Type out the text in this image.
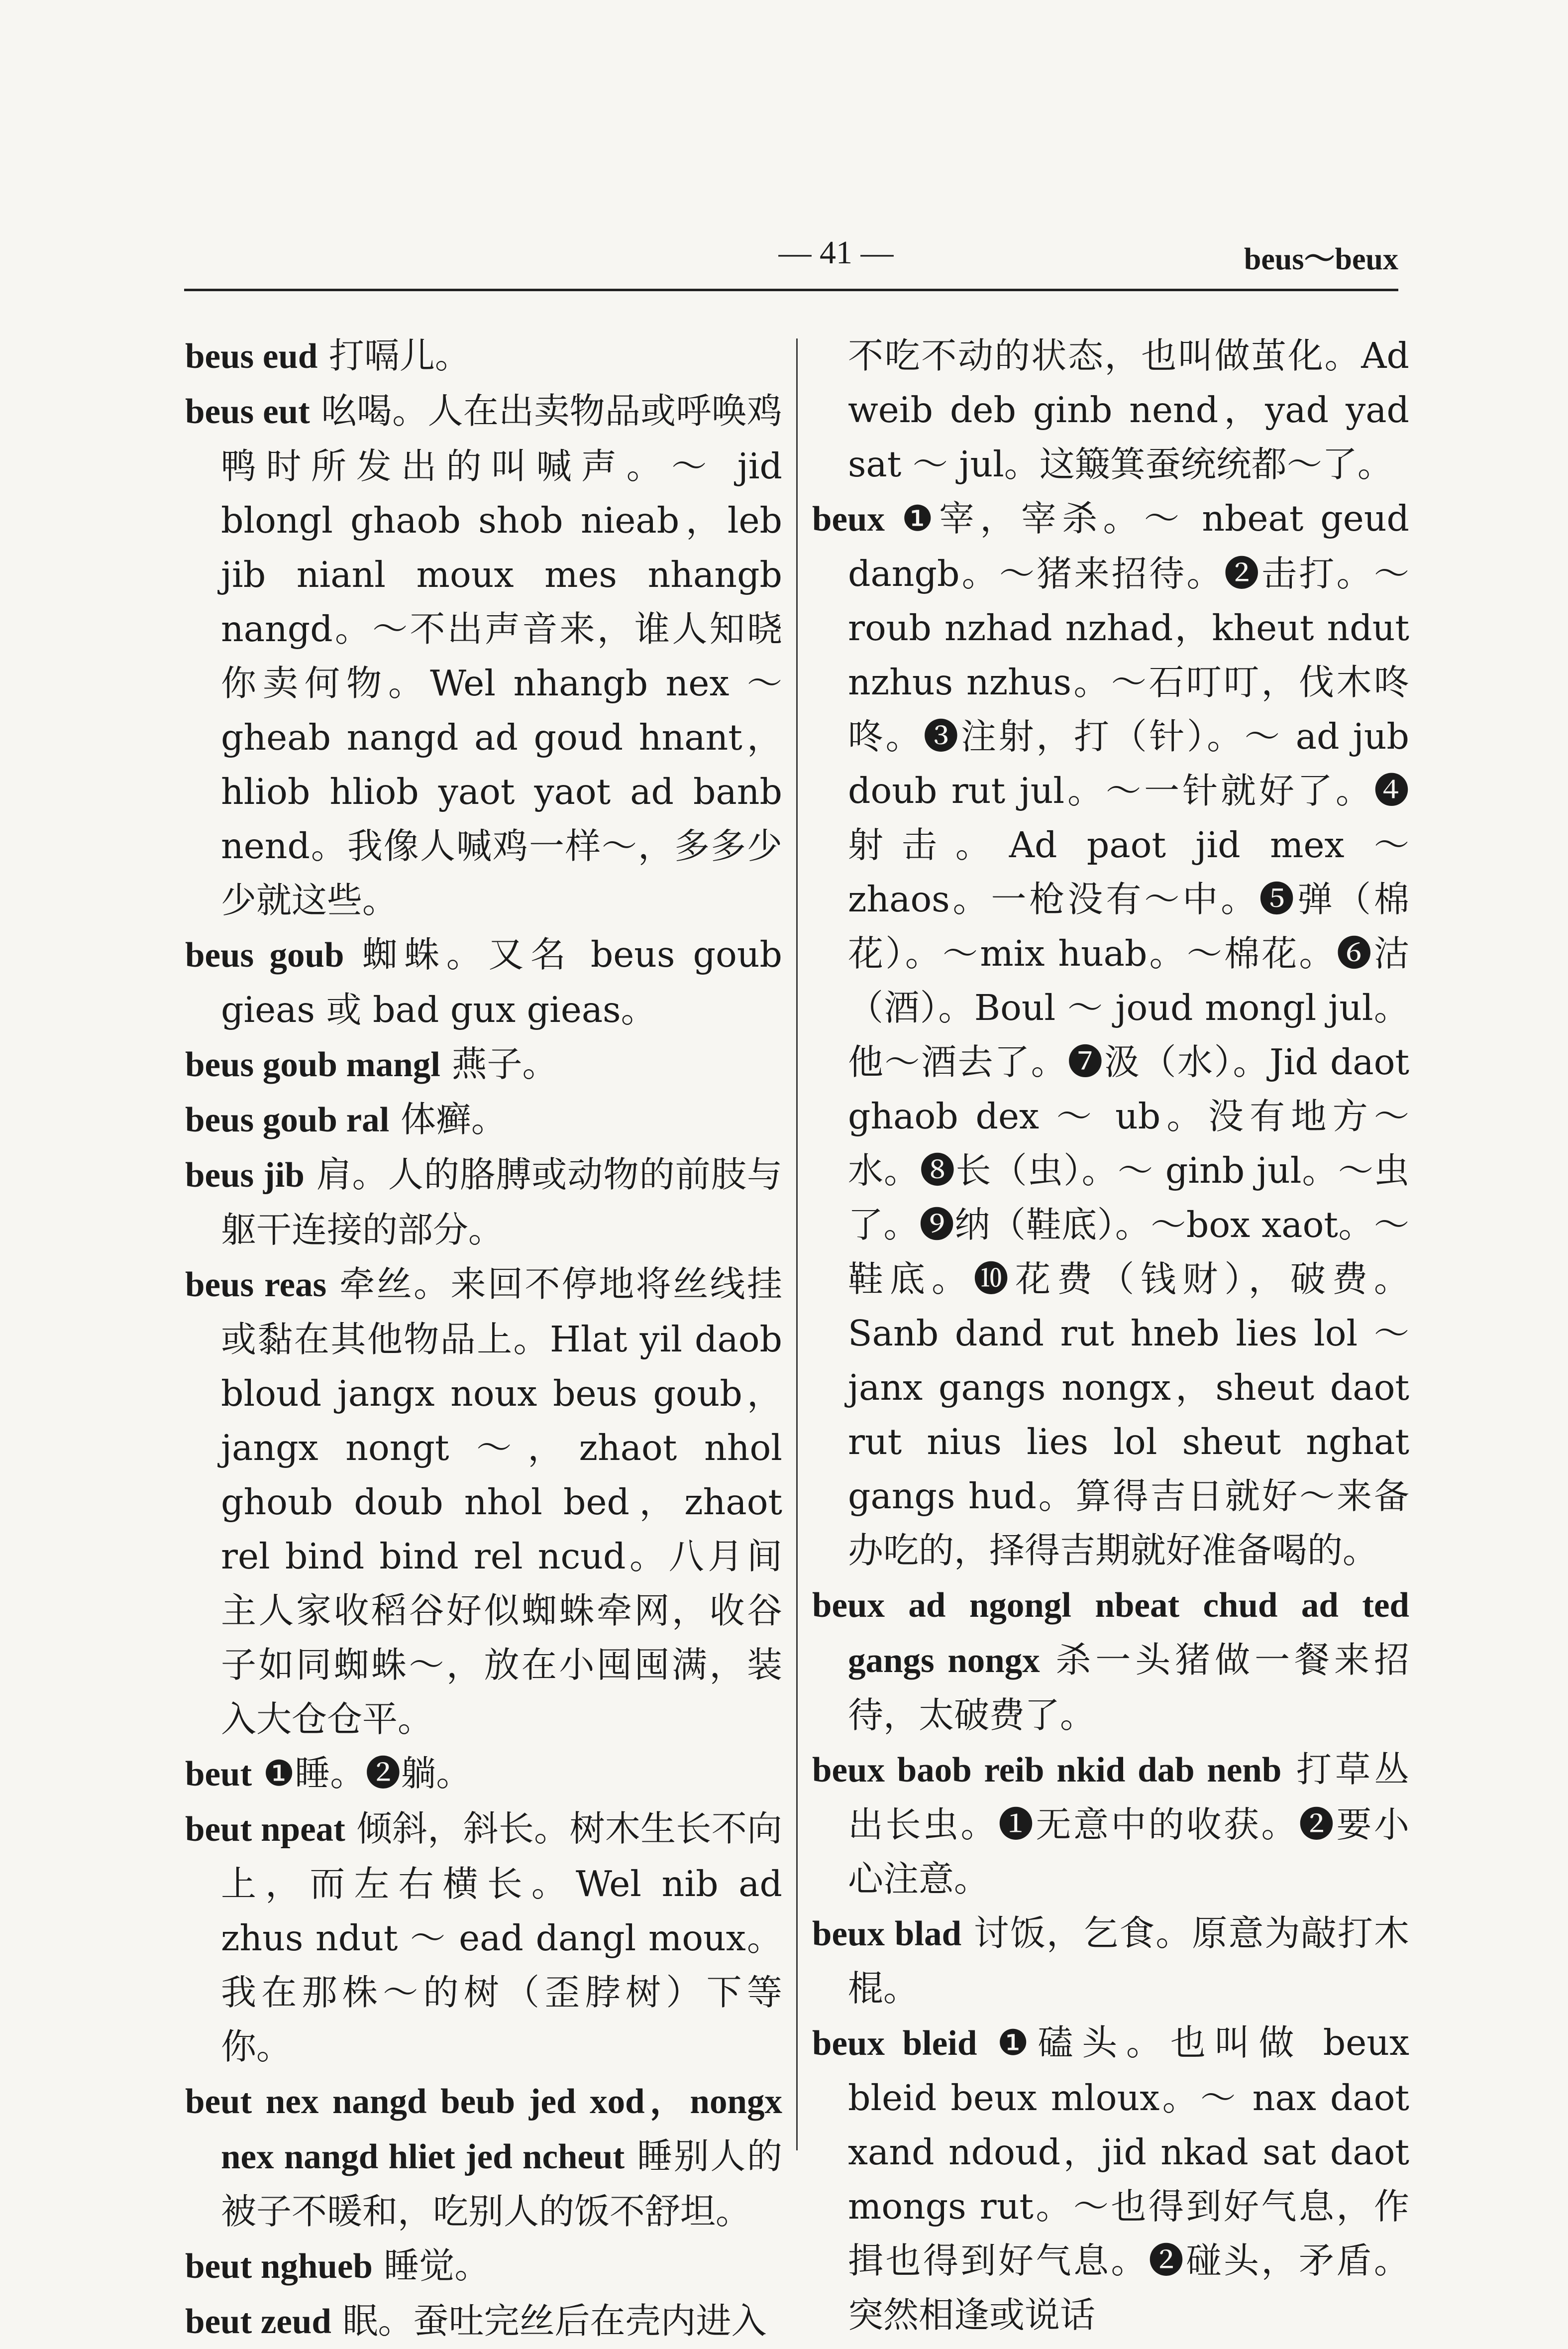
— 41 —	beus～beux

beus eud 打嗝儿。

beus eut 吆喝。人在出卖物品或呼唤鸡鸭时所发出的叫喊声。～ jid blongl ghaob shob nieab，leb jib nianl moux mes nhangb nangd。～不出声音来，谁人知晓你卖何物。Wel nhangb nex ～ gheab nangd ad goud hnant，hliob hliob yaot yaot ad banb nend。我像人喊鸡一样～，多多少少就这些。

beus goub 蜘蛛。又名 beus goub gieas 或 bad gux gieas。

beus goub mangl 燕子。

beus goub ral 体癣。

beus jib 肩。人的胳膊或动物的前肢与躯干连接的部分。

beus reas 牵丝。来回不停地将丝线挂或黏在其他物品上。Hlat yil daob bloud jangx noux beus goub，jangx nongt ～，zhaot nhol ghoub doub nhol bed，zhaot rel bind bind rel ncud。八月间主人家收稻谷好似蜘蛛牵网，收谷子如同蜘蛛～，放在小囤囤满，装入大仓仓平。

beut ❶睡。❷躺。

beut npeat 倾斜，斜长。树木生长不向上，而左右横长。Wel nib ad zhus ndut ～ ead dangl moux。我在那株～的树（歪脖树）下等你。

beut nex nangd beub jed xod，nongx nex nangd hliet jed ncheut 睡别人的被子不暖和，吃别人的饭不舒坦。

beut nghueb 睡觉。

beut zeud 眠。蚕吐完丝后在壳内进入

不吃不动的状态，也叫做茧化。Ad weib deb ginb nend，yad yad sat ～ jul。这簸箕蚕统统都～了。

beux ❶宰，宰杀。～ nbeat geud dangb。～猪来招待。❷击打。～ roub nzhad nzhad，kheut ndut nzhus nzhus。～石叮叮，伐木咚咚。❸注射，打（针）。～ ad jub doub rut jul。～一针就好了。❹射击。Ad paot jid mex ～ zhaos。一枪没有～中。❺弹（棉花）。～mix huab。～棉花。❻沽（酒）。Boul ～ joud mongl jul。他～酒去了。❼汲（水）。Jid daot ghaob dex ～ ub。没有地方～水。❽长（虫）。～ ginb jul。～虫了。❾纳（鞋底）。～box xaot。～鞋底。❿花费（钱财），破费。Sanb dand rut hneb lies lol ～ janx gangs nongx，sheut daot rut nius lies lol sheut nghat gangs hud。算得吉日就好～来备办吃的，择得吉期就好准备喝的。

beux ad ngongl nbeat chud ad ted gangs nongx 杀一头猪做一餐来招待，太破费了。

beux baob reib nkid dab nenb 打草丛出长虫。❶无意中的收获。❷要小心注意。

beux blad 讨饭，乞食。原意为敲打木棍。

beux bleid ❶磕头。也叫做 beux bleid beux mloux。～ nax daot xand ndoud，jid nkad sat daot mongs rut。～也得到好气息，作揖也得到好气息。❷碰头，矛盾。突然相逢或说话
